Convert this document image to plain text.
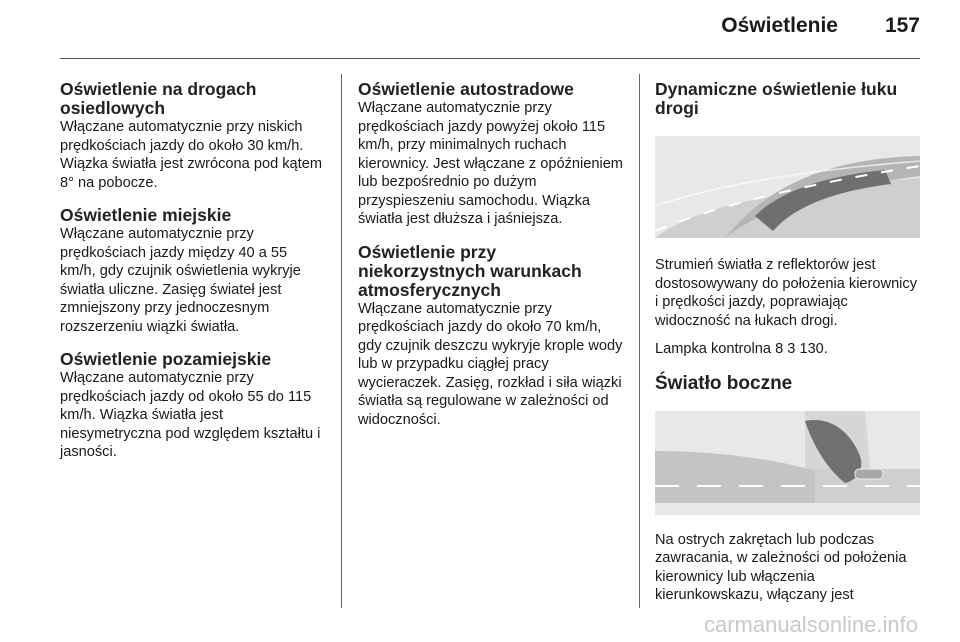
Oświetlenie 157
Oświetlenie na drogach osiedlowych

Włączane automatycznie przy niskich prędkościach jazdy do około 30 km/h. Wiązka światła jest zwrócona pod kątem 8° na pobocze.

Oświetlenie miejskie

Włączane automatycznie przy prędkościach jazdy między 40 a 55 km/h, gdy czujnik oświetlenia wykryje światła uliczne. Zasięg świateł jest zmniejszony przy jednoczesnym rozszerzeniu wiązki światła.

Oświetlenie pozamiejskie

Włączane automatycznie przy prędkościach jazdy od około 55 do 115 km/h. Wiązka światła jest niesymetryczna pod względem kształtu i jasności.

Oświetlenie autostradowe

Włączane automatycznie przy prędkościach jazdy powyżej około 115 km/h, przy minimalnych ruchach kierownicy. Jest włączane z opóźnieniem lub bezpośrednio po dużym przyspieszeniu samochodu. Wiązka światła jest dłuższa i jaśniejsza.

Oświetlenie przy niekorzystnych warunkach atmosferycznych

Włączane automatycznie przy prędkościach jazdy do około 70 km/h, gdy czujnik deszczu wykryje krople wody lub w przypadku ciągłej pracy wycieraczek. Zasięg, rozkład i siła wiązki światła są regulowane w zależności od widoczności.

Dynamiczne oświetlenie łuku drogi

Strumień światła z reflektorów jest dostosowywany do położenia kierownicy i prędkości jazdy, poprawiając widoczność na łukach drogi.

Lampka kontrolna 8 3 130.

Światło boczne

Na ostrych zakrętach lub podczas zawracania, w zależności od położenia kierownicy lub włączenia kierunkowskazu, włączany jest

carmanualsonline.info
